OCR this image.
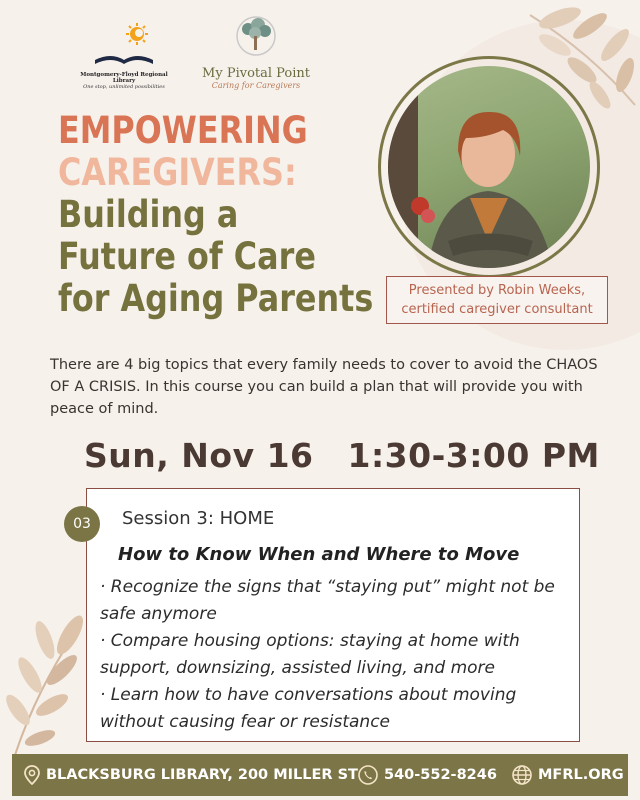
Montgomery-Floyd Regional Library
One stop, unlimited possibilities
My Pivotal Point
Caring for Caregivers
EMPOWERING
CAREGIVERS:
Building a
Future of Care
for Aging Parents	Presented by Robin Weeks,
certified caregiver consultant
There are 4 big topics that every family needs to cover to avoid the CHAOS OF A CRISIS. In this course you can build a plan that will provide you with peace of mind.
Sun, Nov 16 1:30-3:00 PM
03	Session 3: HOME
How to Know When and Where to Move
· Recognize the signs that “staying put” might not be safe anymore
· Compare housing options: staying at home with support, downsizing, assisted living, and more
· Learn how to have conversations about moving without causing fear or resistance
BLACKSBURG LIBRARY, 200 MILLER ST	540-552-8246	MFRL.ORG
